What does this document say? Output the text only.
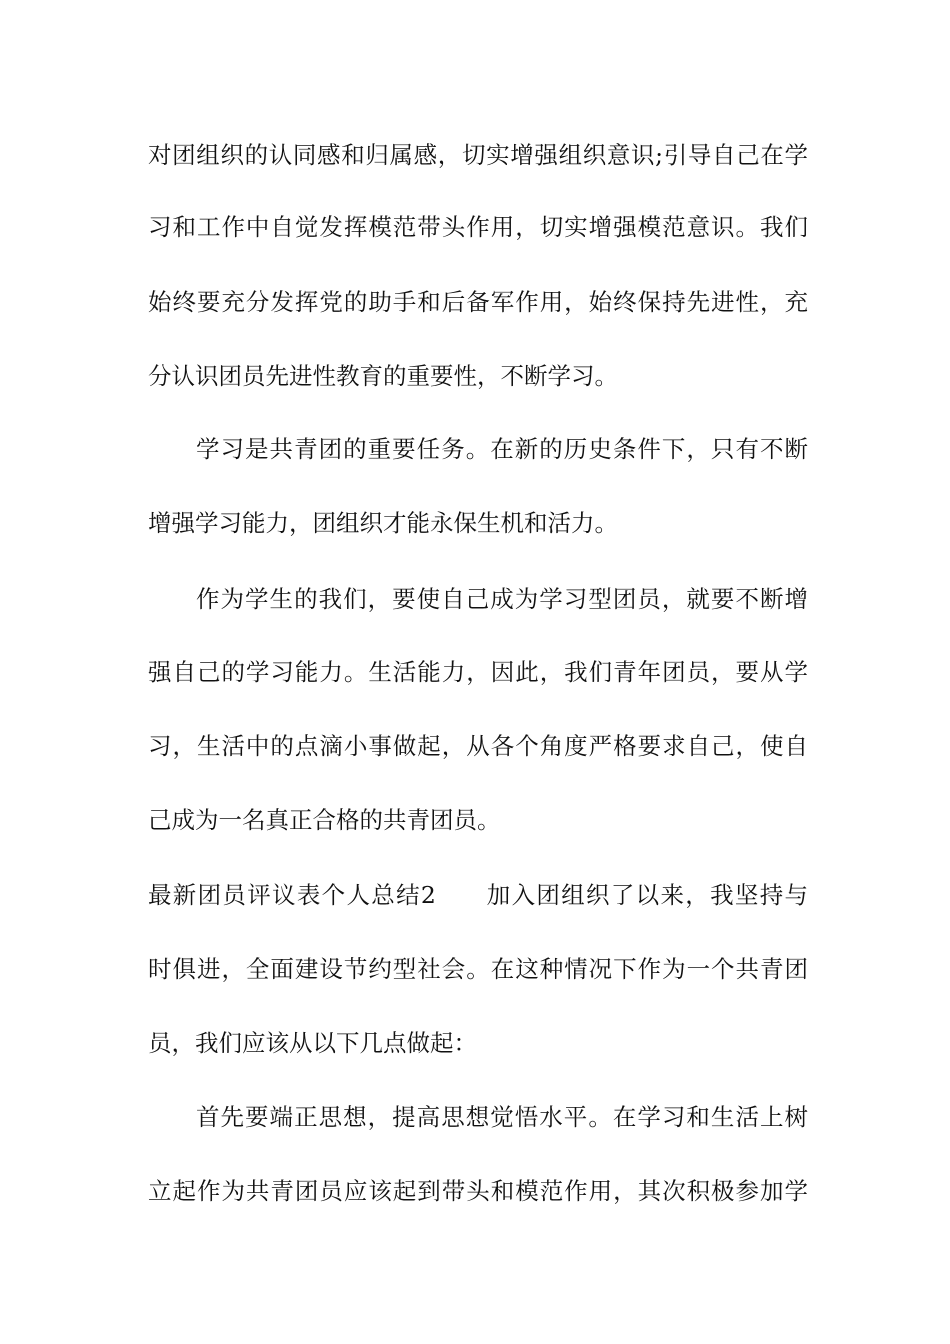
对团组织的认同感和归属感，切实增强组织意识;引导自己在学
习和工作中自觉发挥模范带头作用，切实增强模范意识。我们
始终要充分发挥党的助手和后备军作用，始终保持先进性，充
分认识团员先进性教育的重要性，不断学习。
学习是共青团的重要任务。在新的历史条件下，只有不断
增强学习能力，团组织才能永保生机和活力。
作为学生的我们，要使自己成为学习型团员，就要不断增
强自己的学习能力。生活能力，因此，我们青年团员，要从学
习，生活中的点滴小事做起，从各个角度严格要求自己，使自
己成为一名真正合格的共青团员。
最新团员评议表个人总结2　　加入团组织了以来，我坚持与
时俱进，全面建设节约型社会。在这种情况下作为一个共青团
员，我们应该从以下几点做起：
首先要端正思想，提高思想觉悟水平。在学习和生活上树
立起作为共青团员应该起到带头和模范作用，其次积极参加学
